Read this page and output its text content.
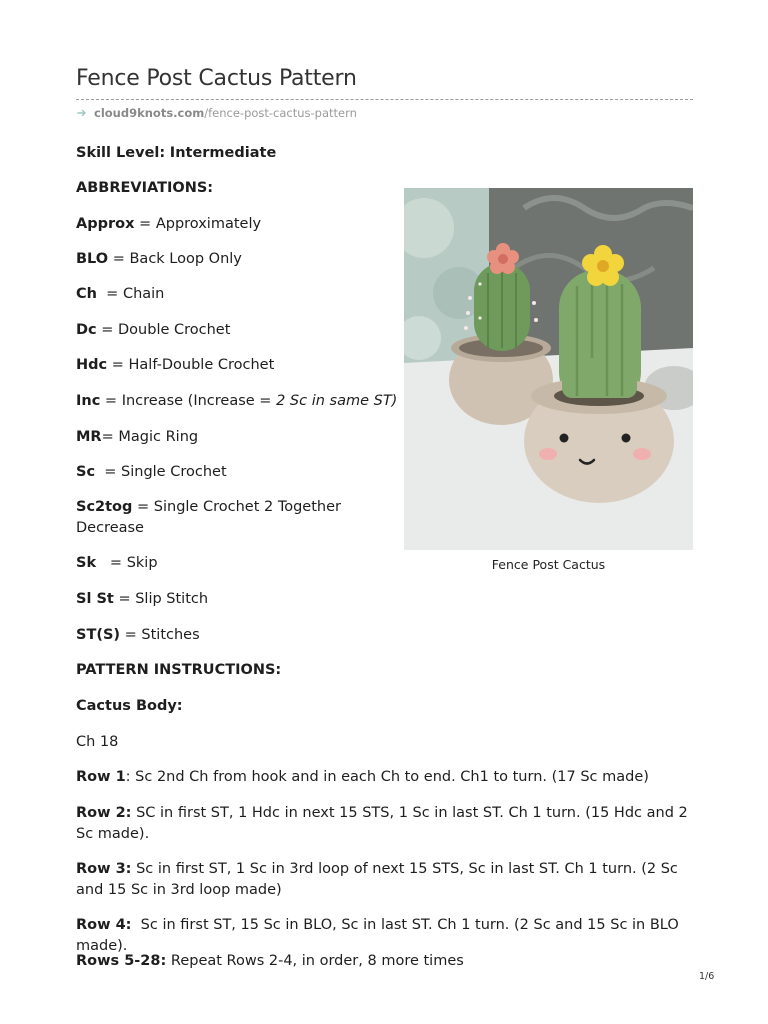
Fence Post Cactus Pattern
cloud9knots.com/fence-post-cactus-pattern
Skill Level: Intermediate
ABBREVIATIONS:
Approx = Approximately
BLO = Back Loop Only
Ch  = Chain
Dc = Double Crochet
Hdc = Half-Double Crochet
Inc = Increase (Increase = 2 Sc in same ST)
MR= Magic Ring
Sc  = Single Crochet
Sc2tog = Single Crochet 2 Together Decrease
Sk   = Skip
Sl St = Slip Stitch
ST(S) = Stitches
PATTERN INSTRUCTIONS:
Cactus Body:
Ch 18
Row 1: Sc 2nd Ch from hook and in each Ch to end. Ch1 to turn. (17 Sc made)
Row 2: SC in first ST, 1 Hdc in next 15 STS, 1 Sc in last ST. Ch 1 turn. (15 Hdc and 2 Sc made).
Row 3: Sc in first ST, 1 Sc in 3rd loop of next 15 STS, Sc in last ST. Ch 1 turn. (2 Sc and 15 Sc in 3rd loop made)
Row 4:  Sc in first ST, 15 Sc in BLO, Sc in last ST. Ch 1 turn. (2 Sc and 15 Sc in BLO made).
Rows 5-28: Repeat Rows 2-4, in order, 8 more times
Fence Post Cactus
1/6
